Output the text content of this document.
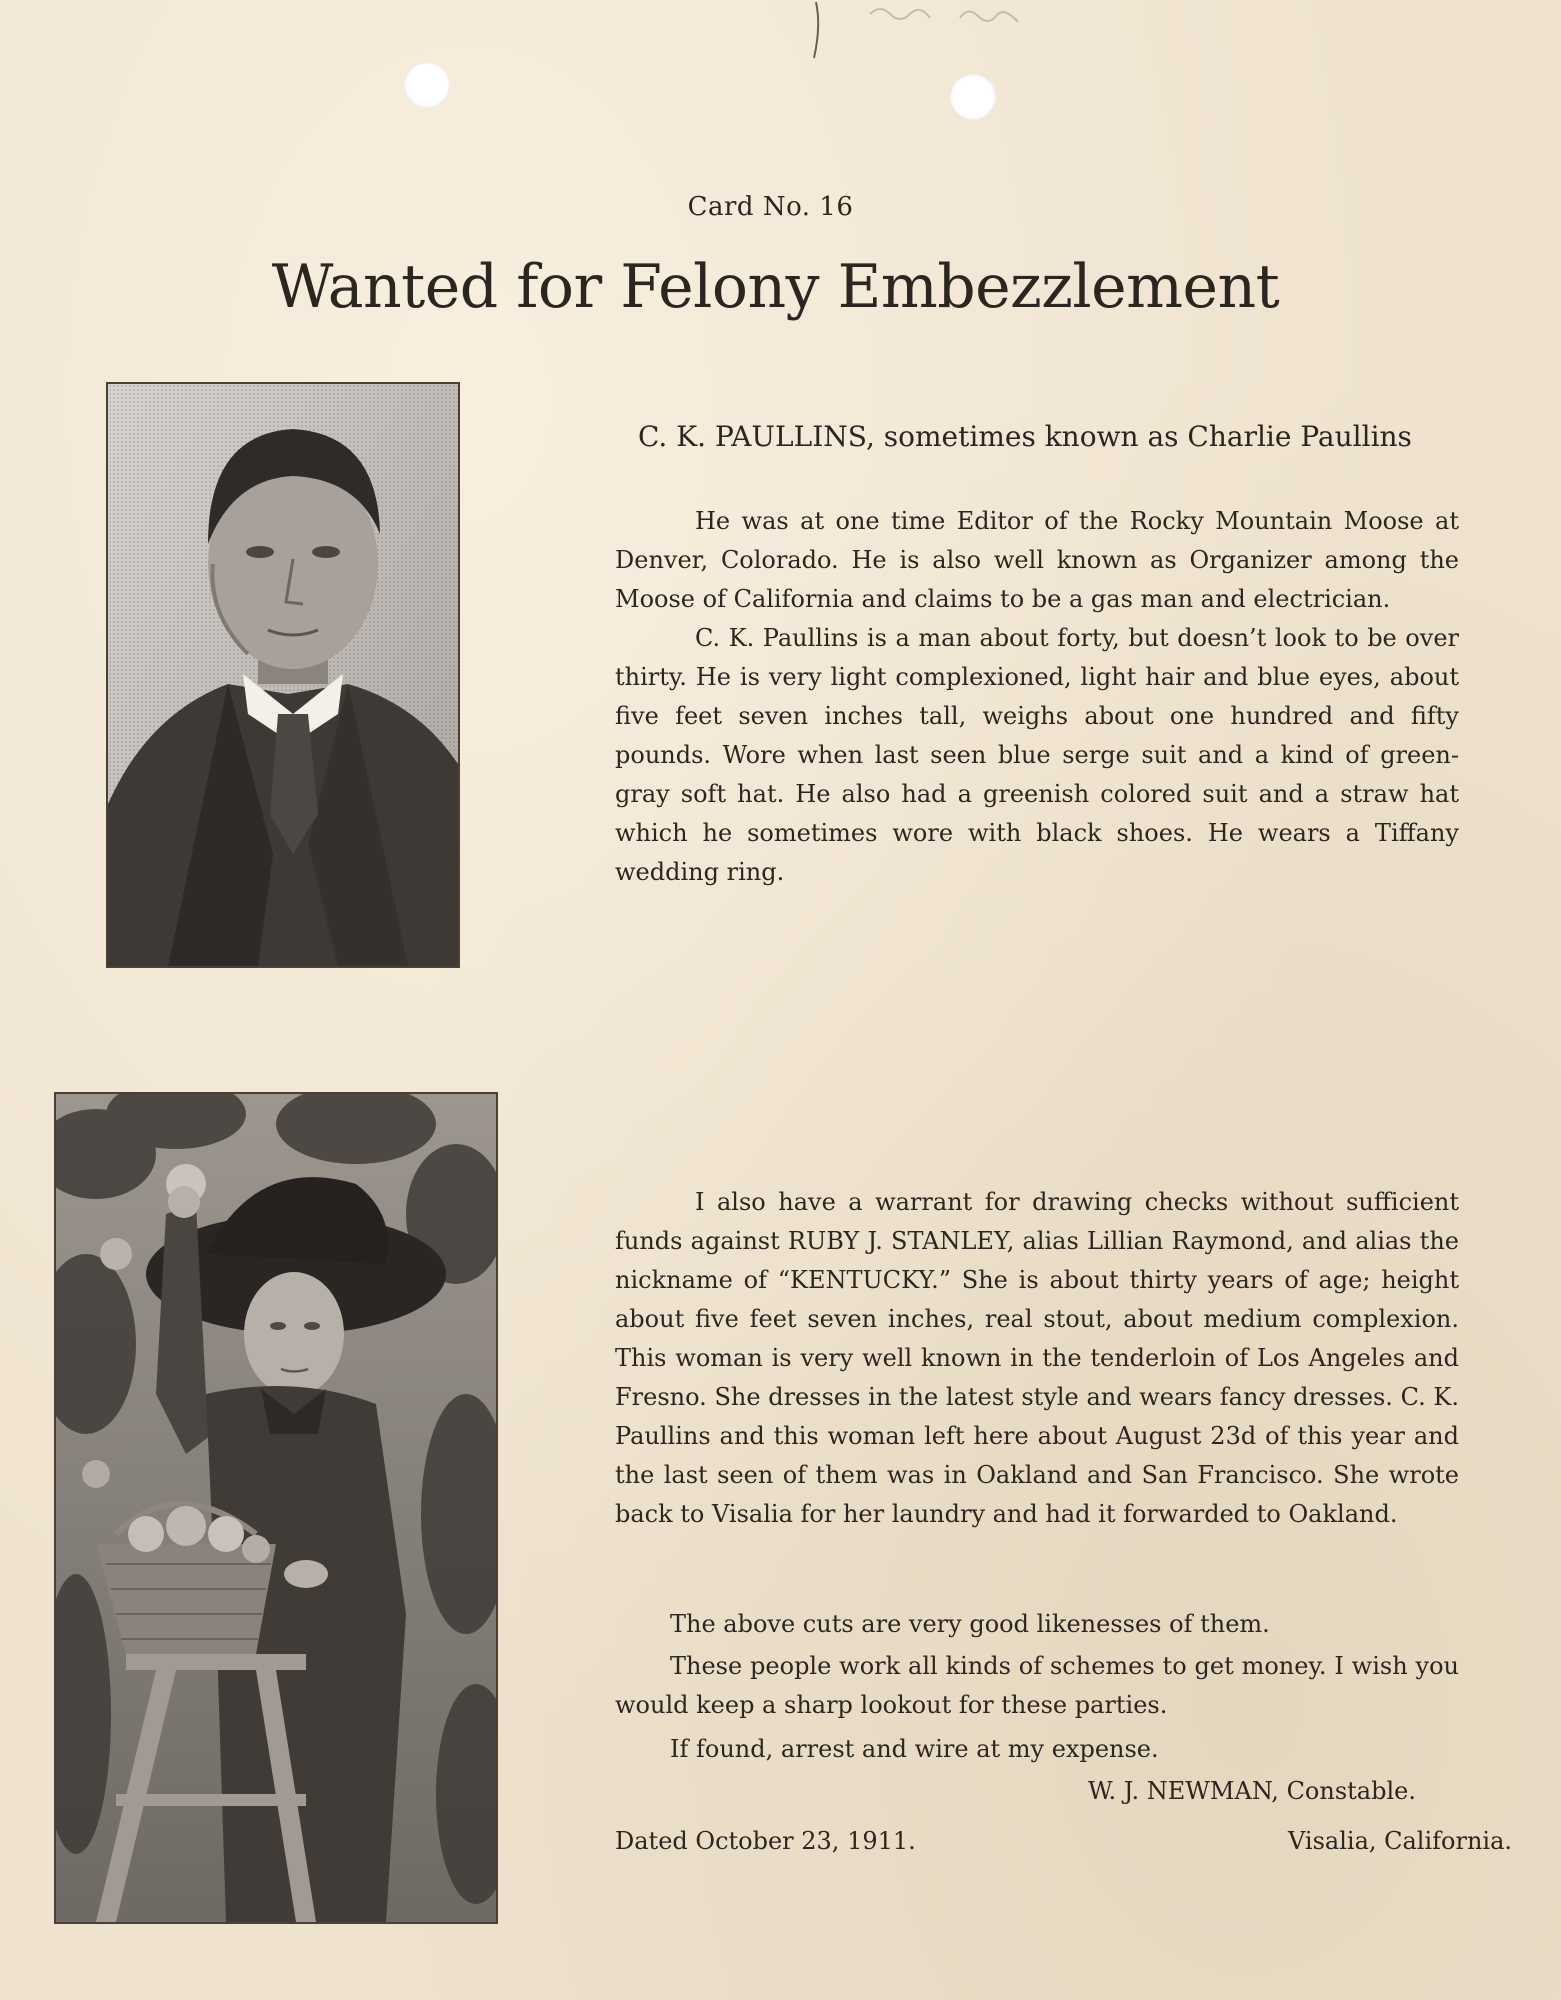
Card No. 16
Wanted for Felony Embezzlement
C. K. PAULLINS, sometimes known as Charlie Paullins

He was at one time Editor of the Rocky Mountain Moose at Denver, Colorado. He is also well known as Organizer among the Moose of California and claims to be a gas man and electrician.

C. K. Paullins is a man about forty, but doesn’t look to be over thirty. He is very light complexioned, light hair and blue eyes, about five feet seven inches tall, weighs about one hundred and fifty pounds. Wore when last seen blue serge suit and a kind of green-gray soft hat. He also had a greenish colored suit and a straw hat which he sometimes wore with black shoes. He wears a Tiffany wedding ring.

I also have a warrant for drawing checks without sufficient funds against RUBY J. STANLEY, alias Lillian Raymond, and alias the nickname of “KENTUCKY.” She is about thirty years of age; height about five feet seven inches, real stout, about medium complexion. This woman is very well known in the tenderloin of Los Angeles and Fresno. She dresses in the latest style and wears fancy dresses. C. K. Paullins and this woman left here about August 23d of this year and the last seen of them was in Oakland and San Francisco. She wrote back to Visalia for her laundry and had it forwarded to Oakland.

The above cuts are very good likenesses of them.

These people work all kinds of schemes to get money. I wish you would keep a sharp lookout for these parties.

If found, arrest and wire at my expense.
W. J. NEWMAN, Constable.
Dated October 23, 1911.	Visalia, California.
